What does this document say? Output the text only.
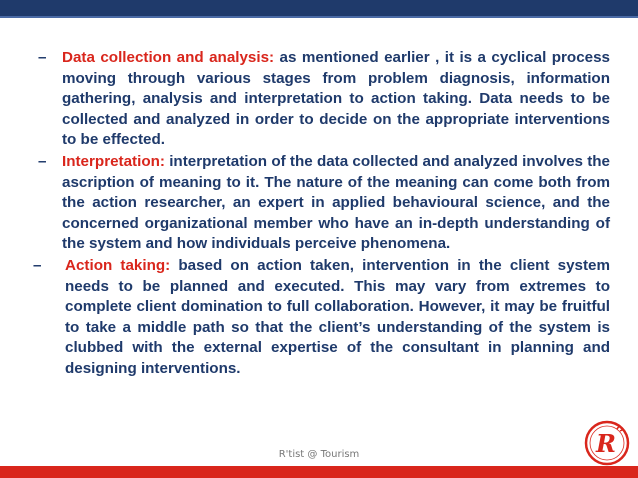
– Data collection and analysis: as mentioned earlier , it is a cyclical process moving through various stages from problem diagnosis, information gathering, analysis and interpretation to action taking. Data needs to be collected and analyzed in order to decide on the appropriate interventions to be effected.
– Interpretation: interpretation of the data collected and analyzed involves the ascription of meaning to it. The nature of the meaning can come both from the action researcher, an expert in applied behavioural science, and the concerned organizational member who have an in-depth understanding of the system and how individuals perceive phenomena.
– Action taking: based on action taken, intervention in the client system needs to be planned and executed. This may vary from extremes to complete client domination to full collaboration. However, it may be fruitful to take a middle path so that the client’s understanding of the system is clubbed with the external expertise of the consultant in planning and designing interventions.
R'tist @ Tourism	R
